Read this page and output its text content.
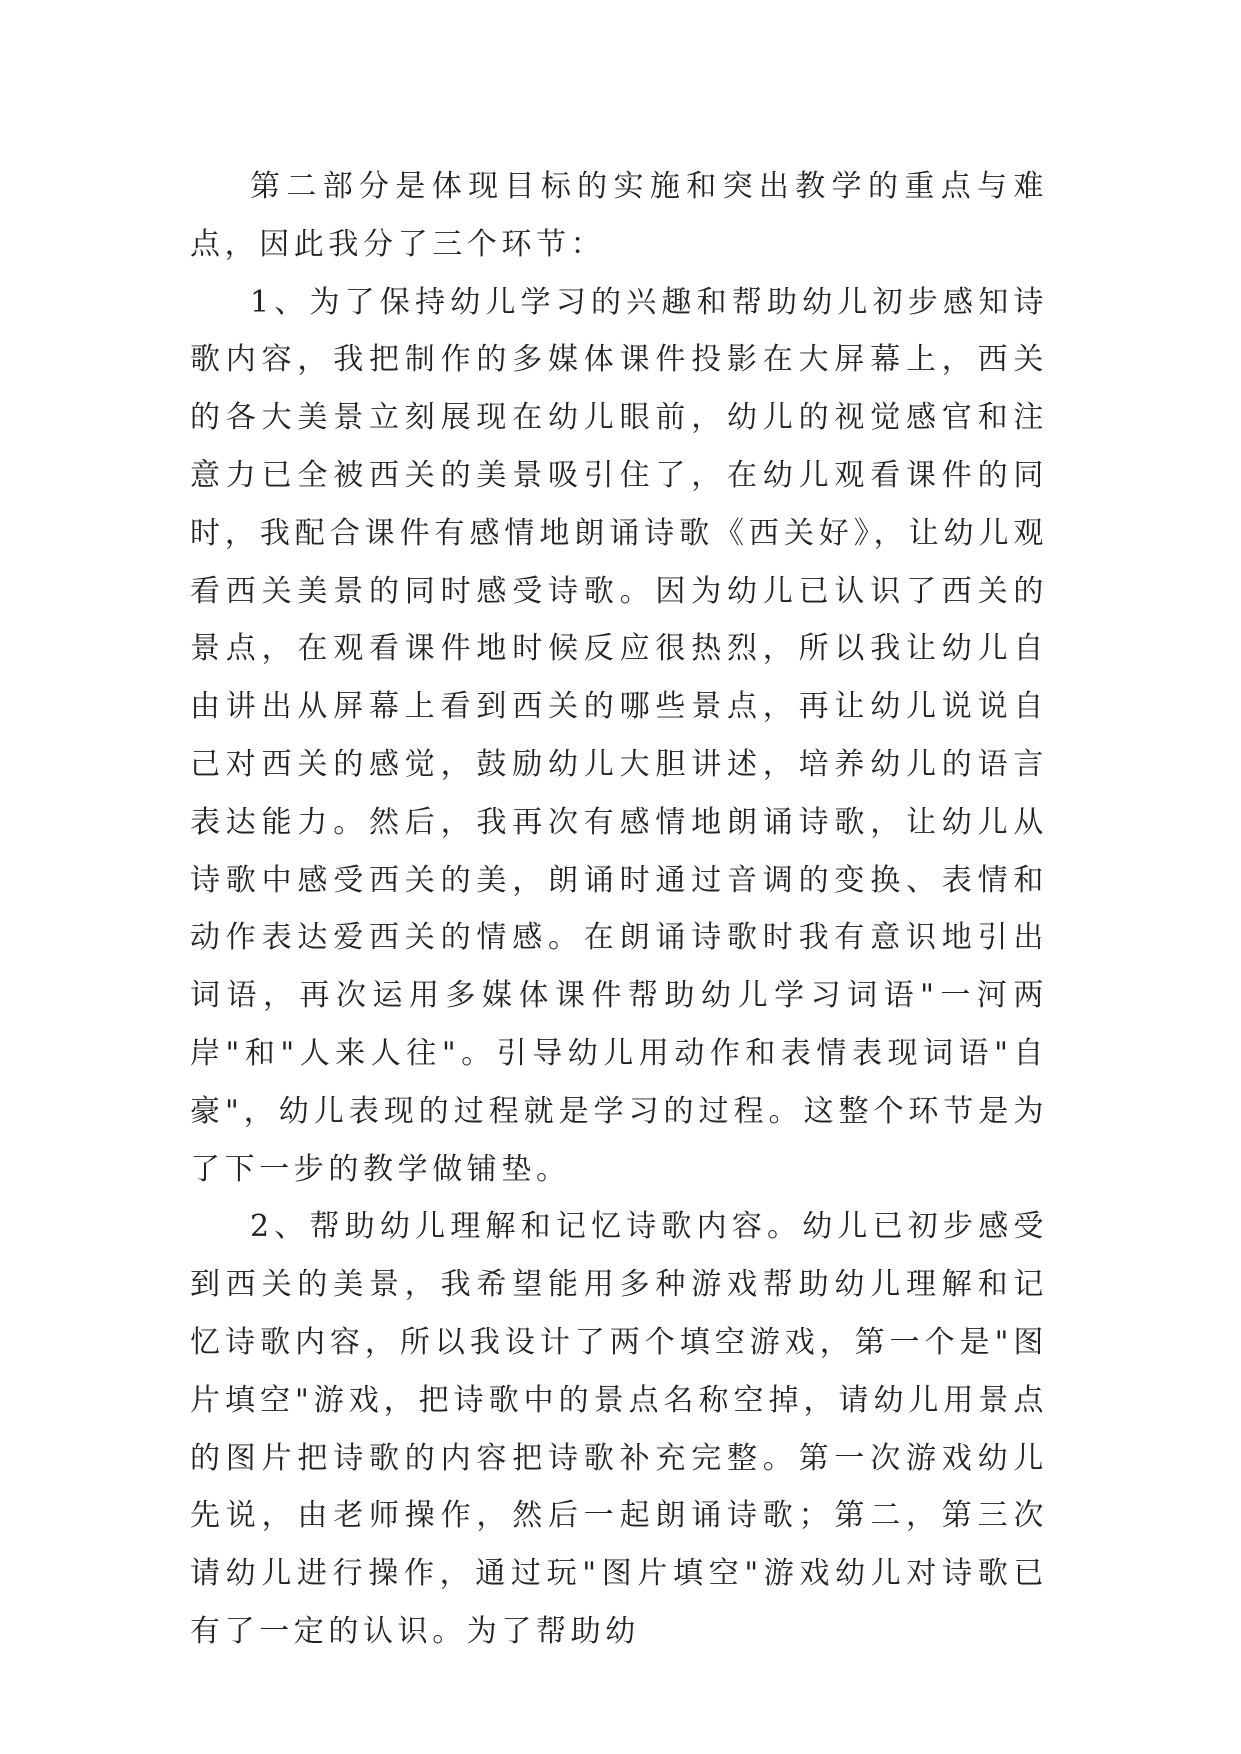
第二部分是体现目标的实施和突出教学的重点与难点，因此我分了三个环节：

1、为了保持幼儿学习的兴趣和帮助幼儿初步感知诗歌内容，我把制作的多媒体课件投影在大屏幕上，西关的各大美景立刻展现在幼儿眼前，幼儿的视觉感官和注意力已全被西关的美景吸引住了，在幼儿观看课件的同时，我配合课件有感情地朗诵诗歌《西关好》，让幼儿观看西关美景的同时感受诗歌。因为幼儿已认识了西关的景点，在观看课件地时候反应很热烈，所以我让幼儿自由讲出从屏幕上看到西关的哪些景点，再让幼儿说说自己对西关的感觉，鼓励幼儿大胆讲述，培养幼儿的语言表达能力。然后，我再次有感情地朗诵诗歌，让幼儿从诗歌中感受西关的美，朗诵时通过音调的变换、表情和动作表达爱西关的情感。在朗诵诗歌时我有意识地引出词语，再次运用多媒体课件帮助幼儿学习词语"一河两岸"和"人来人往"。引导幼儿用动作和表情表现词语"自豪"，幼儿表现的过程就是学习的过程。这整个环节是为了下一步的教学做铺垫。

2、帮助幼儿理解和记忆诗歌内容。幼儿已初步感受到西关的美景，我希望能用多种游戏帮助幼儿理解和记忆诗歌内容，所以我设计了两个填空游戏，第一个是"图片填空"游戏，把诗歌中的景点名称空掉，请幼儿用景点的图片把诗歌的内容把诗歌补充完整。第一次游戏幼儿先说，由老师操作，然后一起朗诵诗歌；第二，第三次请幼儿进行操作，通过玩"图片填空"游戏幼儿对诗歌已有了一定的认识。为了帮助幼
